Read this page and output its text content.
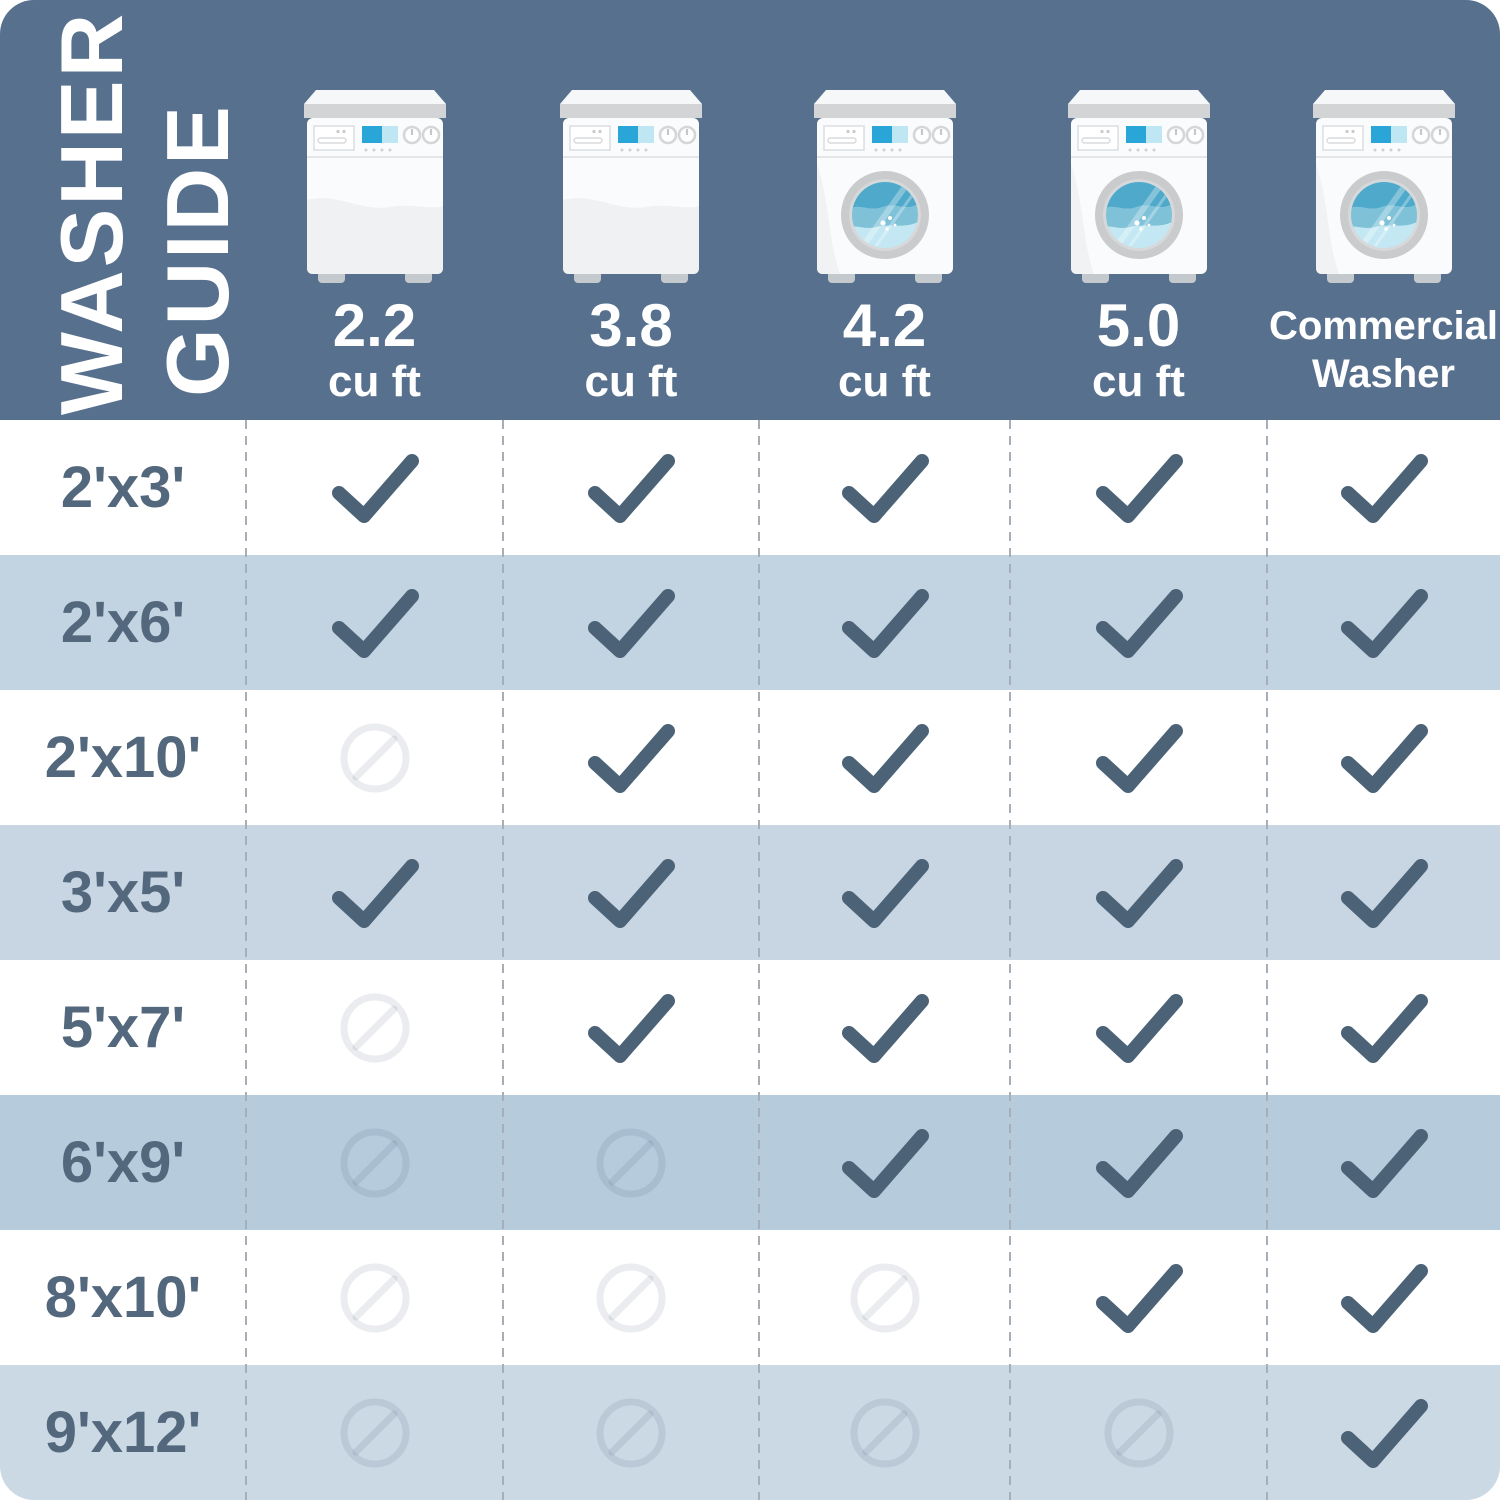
WASHER GUIDE	2.2
cu ft
3.8
cu ft
4.2
cu ft
5.0
cu ft
Commercial
Washer
2'x3'
2'x6'
2'x10'
3'x5'
5'x7'
6'x9'
8'x10'
9'x12'
